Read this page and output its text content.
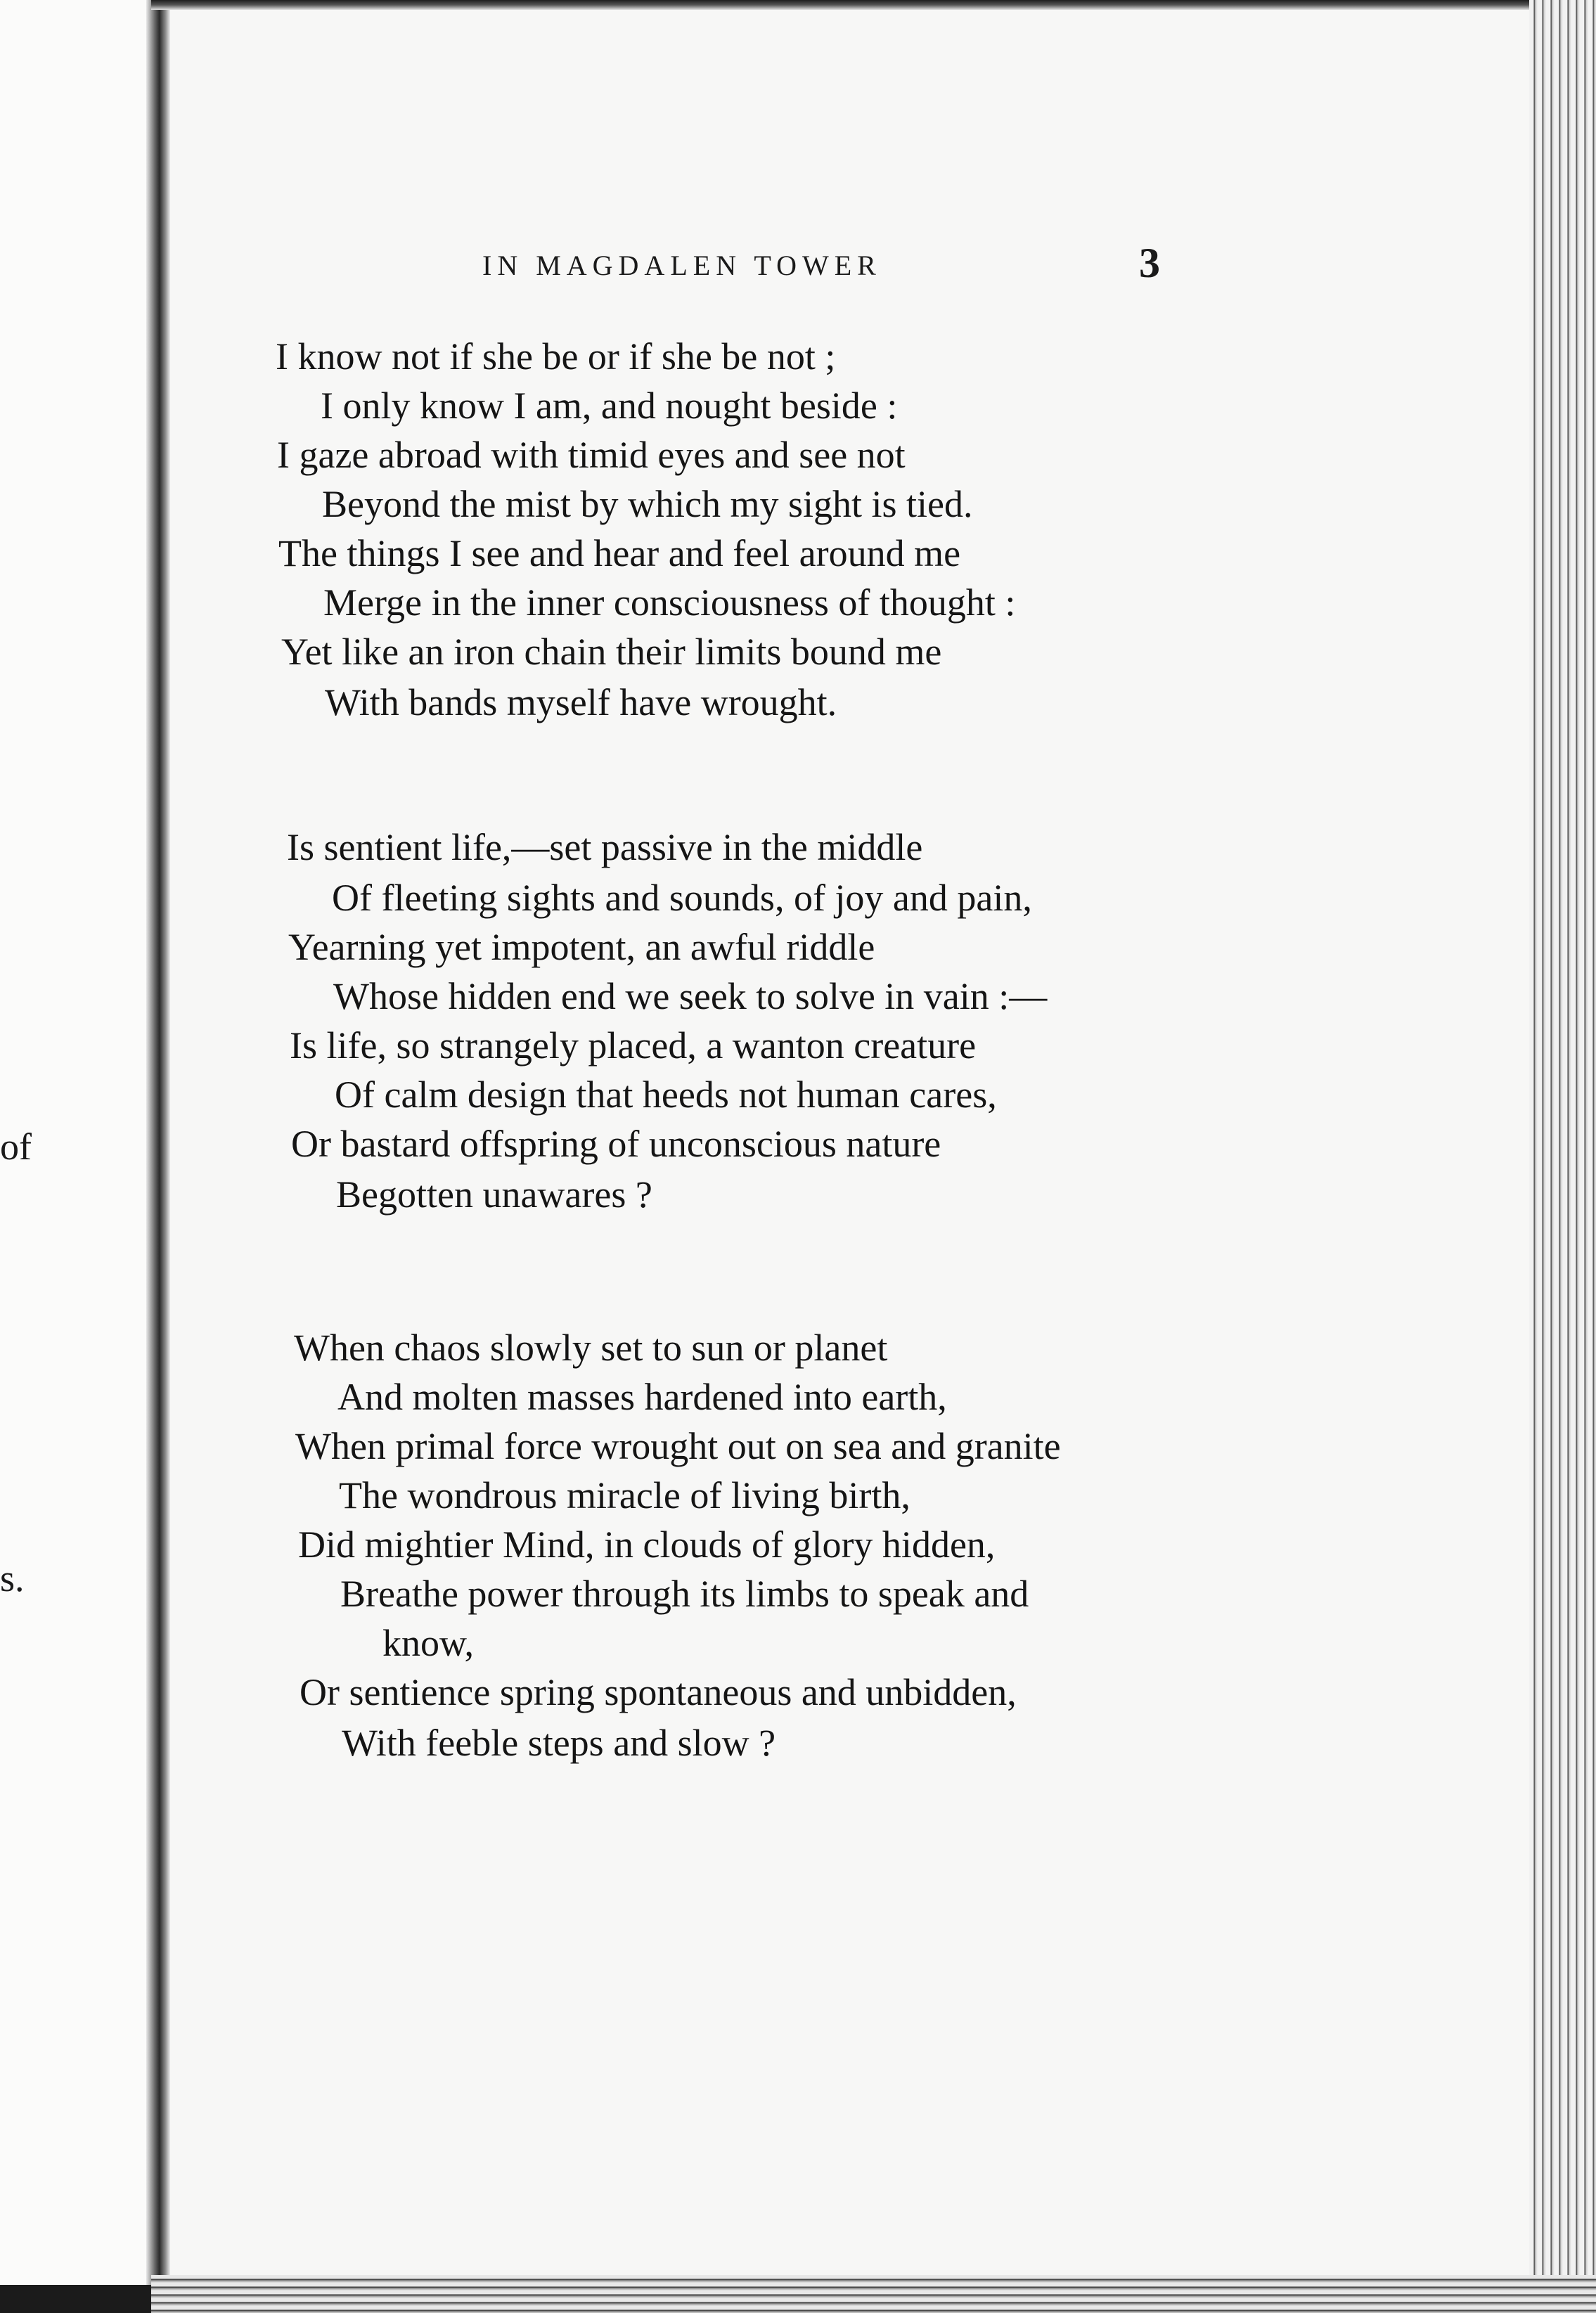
of
s.
IN MAGDALEN TOWER	3
I know not if she be or if she be not ;
I only know I am, and nought beside :
I gaze abroad with timid eyes and see not
Beyond the mist by which my sight is tied.
The things I see and hear and feel around me
Merge in the inner consciousness of thought :
Yet like an iron chain their limits bound me
With bands myself have wrought.
Is sentient life,—set passive in the middle
Of fleeting sights and sounds, of joy and pain,
Yearning yet impotent, an awful riddle
Whose hidden end we seek to solve in vain :—
Is life, so strangely placed, a wanton creature
Of calm design that heeds not human cares,
Or bastard offspring of unconscious nature
Begotten unawares ?
When chaos slowly set to sun or planet
And molten masses hardened into earth,
When primal force wrought out on sea and granite
The wondrous miracle of living birth,
Did mightier Mind, in clouds of glory hidden,
Breathe power through its limbs to speak and
know,
Or sentience spring spontaneous and unbidden,
With feeble steps and slow ?
